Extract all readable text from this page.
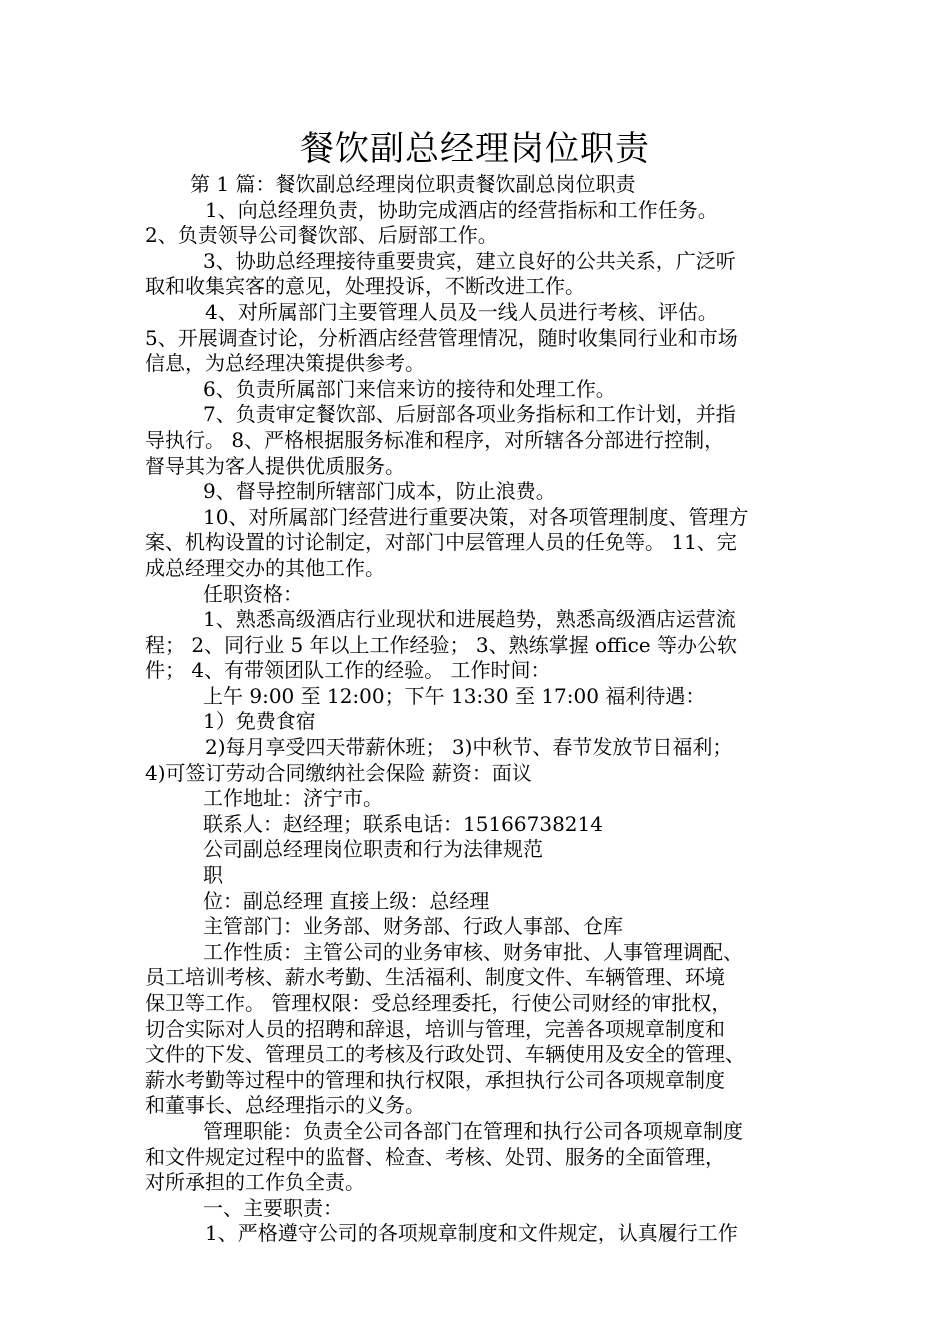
餐饮副总经理岗位职责
第 1 篇：餐饮副总经理岗位职责餐饮副总岗位职责
1、向总经理负责，协助完成酒店的经营指标和工作任务。
2、负责领导公司餐饮部、后厨部工作。
3、协助总经理接待重要贵宾，建立良好的公共关系，广泛听
取和收集宾客的意见，处理投诉，不断改进工作。
4、对所属部门主要管理人员及一线人员进行考核、评估。
5、开展调查讨论，分析酒店经营管理情况，随时收集同行业和市场
信息，为总经理决策提供参考。
6、负责所属部门来信来访的接待和处理工作。
7、负责审定餐饮部、后厨部各项业务指标和工作计划，并指
导执行。 8、严格根据服务标准和程序，对所辖各分部进行控制，
督导其为客人提供优质服务。
9、督导控制所辖部门成本，防止浪费。
10、对所属部门经营进行重要决策，对各项管理制度、管理方
案、机构设置的讨论制定，对部门中层管理人员的任免等。 11、完
成总经理交办的其他工作。
任职资格：
1、熟悉高级酒店行业现状和进展趋势，熟悉高级酒店运营流
程； 2、同行业 5 年以上工作经验； 3、熟练掌握 office 等办公软
件； 4、有带领团队工作的经验。 工作时间：
上午 9:00 至 12:00；下午 13:30 至 17:00 福利待遇：
1）免费食宿
2)每月享受四天带薪休班； 3)中秋节、春节发放节日福利；
4)可签订劳动合同缴纳社会保险 薪资：面议
工作地址：济宁市。
联系人：赵经理；联系电话：15166738214
公司副总经理岗位职责和行为法律规范
职
位：副总经理 直接上级：总经理
主管部门：业务部、财务部、行政人事部、仓库
工作性质：主管公司的业务审核、财务审批、人事管理调配、
员工培训考核、薪水考勤、生活福利、制度文件、车辆管理、环境
保卫等工作。 管理权限：受总经理委托，行使公司财经的审批权，
切合实际对人员的招聘和辞退，培训与管理，完善各项规章制度和
文件的下发、管理员工的考核及行政处罚、车辆使用及安全的管理、
薪水考勤等过程中的管理和执行权限，承担执行公司各项规章制度
和董事长、总经理指示的义务。
管理职能：负责全公司各部门在管理和执行公司各项规章制度
和文件规定过程中的监督、检查、考核、处罚、服务的全面管理，
对所承担的工作负全责。
一、主要职责：
1、严格遵守公司的各项规章制度和文件规定，认真履行工作
